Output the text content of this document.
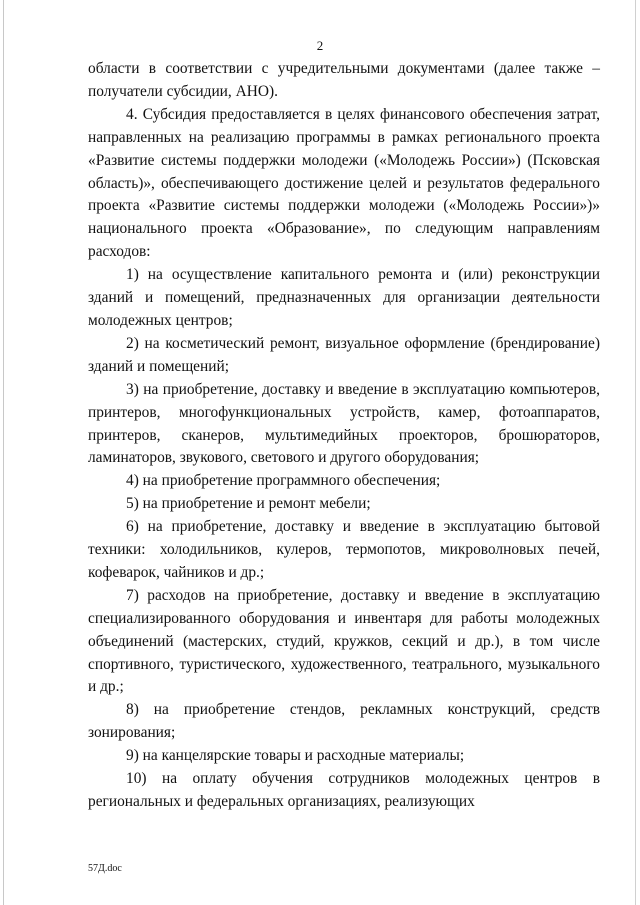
2

области в соответствии с учредительными документами (далее также – получатели субсидии, АНО).

4. Субсидия предоставляется в целях финансового обеспечения затрат, направленных на реализацию программы в рамках регионального проекта «Развитие системы поддержки молодежи («Молодежь России») (Псковская область)», обеспечивающего достижение целей и результатов федерального проекта «Развитие системы поддержки молодежи («Молодежь России»)» национального проекта «Образование», по следующим направлениям расходов:

1) на осуществление капитального ремонта и (или) реконструкции зданий и помещений, предназначенных для организации деятельности молодежных центров;

2) на косметический ремонт, визуальное оформление (брендирование) зданий и помещений;

3) на приобретение, доставку и введение в эксплуатацию компьютеров, принтеров, многофункциональных устройств, камер, фотоаппаратов, принтеров, сканеров, мультимедийных проекторов, брошюраторов, ламинаторов, звукового, светового и другого оборудования;

4) на приобретение программного обеспечения;

5) на приобретение и ремонт мебели;

6) на приобретение, доставку и введение в эксплуатацию бытовой техники: холодильников, кулеров, термопотов, микроволновых печей, кофеварок, чайников и др.;

7) расходов на приобретение, доставку и введение в эксплуатацию специализированного оборудования и инвентаря для работы молодежных объединений (мастерских, студий, кружков, секций и др.), в том числе спортивного, туристического, художественного, театрального, музыкального и др.;

8) на приобретение стендов, рекламных конструкций, средств зонирования;

9) на канцелярские товары и расходные материалы;

10) на оплату обучения сотрудников молодежных центров в региональных и федеральных организациях, реализующих

57Д.doc
